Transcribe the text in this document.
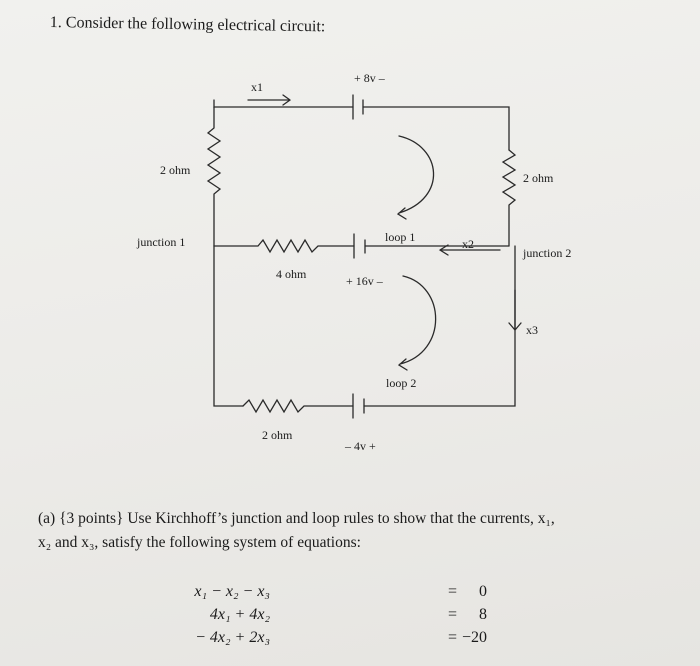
1. Consider the following electrical circuit:
x1
+ 8v –
2 ohm
2 ohm
junction 1
junction 2
loop 1	x2
4 ohm	+ 16v –
x3
loop 2
2 ohm
– 4v +
(a) {3 points} Use Kirchhoff’s junction and loop rules to show that the currents, x₁,
x₂ and x₃, satisfy the following system of equations:
x₁ − x₂ − x₃	= 0
4x₁ + 4x₂	= 8
− 4x₂ + 2x₃	= −20
